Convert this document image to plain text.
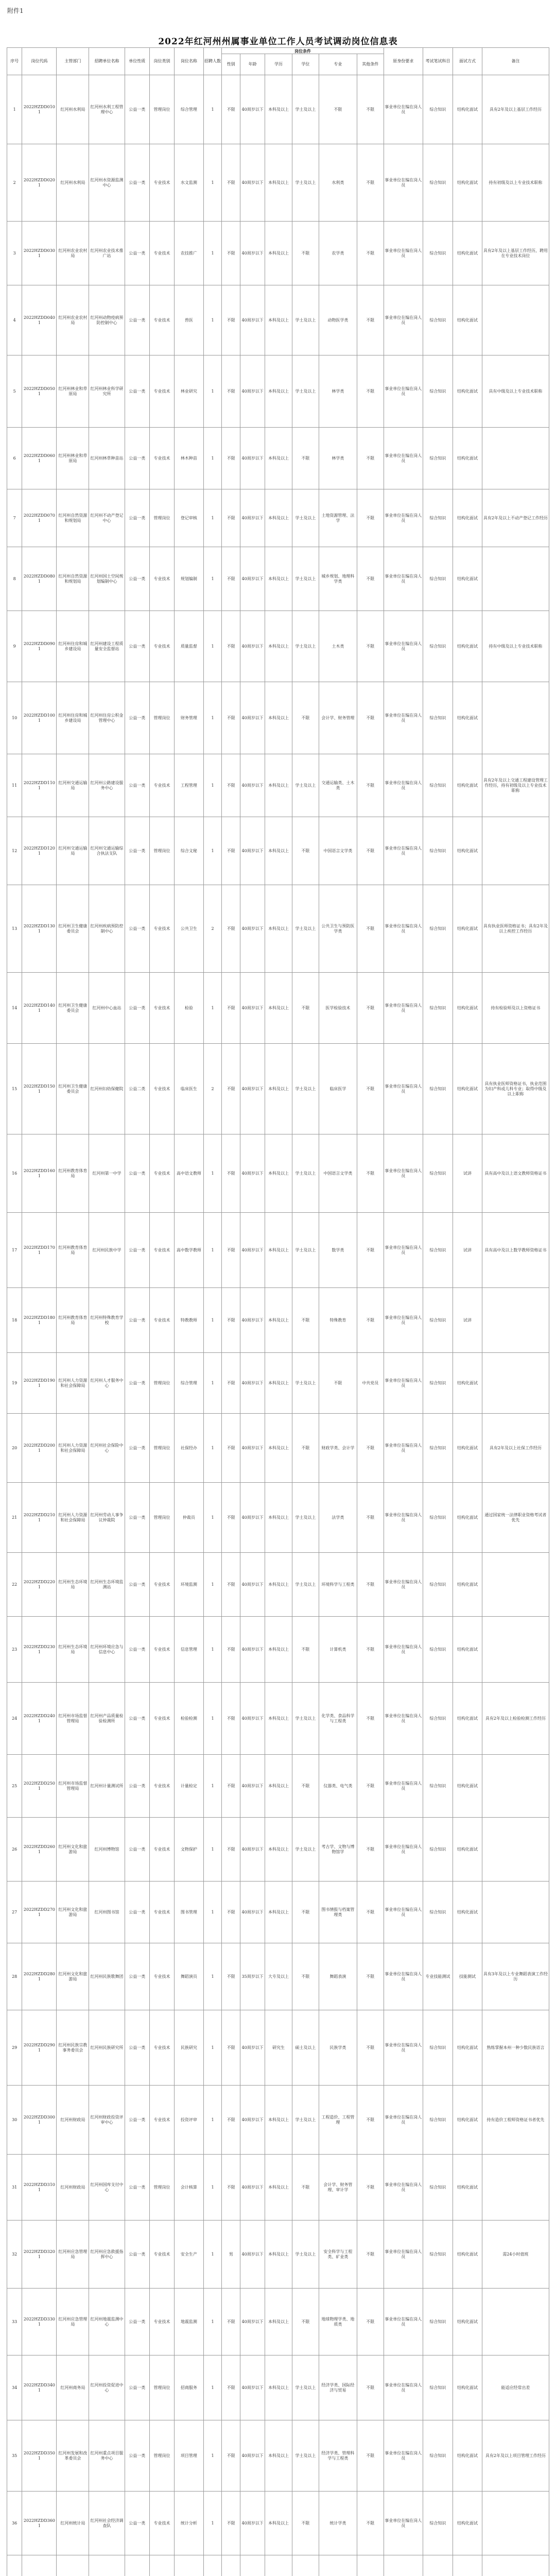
附件1
2022年红河州州属事业单位工作人员考试调动岗位信息表
序号	岗位代码	主管部门	招聘单位名称	单位性质	岗位类别	岗位名称	招聘人数	岗位条件						原身份要求	考试笔试科目	面试方式	备注
								性别	年龄	学历	学位	专业	其他条件				
1	2022HZDD0101	红河州水利局	红河州水利工程管理中心	公益一类	管理岗位	综合管理	1	不限	40周岁以下	本科及以上	学士及以上	不限	不限	事业单位在编在岗人员	综合知识	结构化面试	具有2年及以上基层工作经历
2	2022HZDD0201	红河州水利局	红河州水资源监测中心	公益一类	专业技术	水文监测	1	不限	40周岁以下	本科及以上	学士及以上	水利类	不限	事业单位在编在岗人员	综合知识	结构化面试	持有初级及以上专业技术职称
3	2022HZDD0301	红河州农业农村局	红河州农业技术推广站	公益一类	专业技术	农技推广	1	不限	40周岁以下	本科及以上	不限	农学类	不限	事业单位在编在岗人员	综合知识	结构化面试	具有2年及以上基层工作经历，聘用在专业技术岗位
4	2022HZDD0401	红河州农业农村局	红河州动物疫病预防控制中心	公益一类	专业技术	兽医	1	不限	40周岁以下	本科及以上	学士及以上	动物医学类	不限	事业单位在编在岗人员	综合知识	结构化面试	
5	2022HZDD0501	红河州林业和草原局	红河州林业科学研究所	公益一类	专业技术	林业研究	1	不限	40周岁以下	本科及以上	学士及以上	林学类	不限	事业单位在编在岗人员	综合知识	结构化面试	具有中级及以上专业技术职称
6	2022HZDD0601	红河州林业和草原局	红河州林草种苗站	公益一类	专业技术	林木种苗	1	不限	40周岁以下	本科及以上	不限	林学类	不限	事业单位在编在岗人员	综合知识	结构化面试	
7	2022HZDD0701	红河州自然资源和规划局	红河州不动产登记中心	公益一类	管理岗位	登记审核	1	不限	40周岁以下	本科及以上	学士及以上	土地资源管理、法学	不限	事业单位在编在岗人员	综合知识	结构化面试	具有2年及以上不动产登记工作经历
8	2022HZDD0801	红河州自然资源和规划局	红河州国土空间规划编制中心	公益一类	专业技术	规划编制	1	不限	40周岁以下	本科及以上	学士及以上	城乡规划、地理科学类	不限	事业单位在编在岗人员	综合知识	结构化面试	
9	2022HZDD0901	红河州住房和城乡建设局	红河州建设工程质量安全监督站	公益一类	专业技术	质量监督	1	不限	40周岁以下	本科及以上	学士及以上	土木类	不限	事业单位在编在岗人员	综合知识	结构化面试	持有中级及以上专业技术职称
10	2022HZDD1001	红河州住房和城乡建设局	红河州住房公积金管理中心	公益一类	管理岗位	财务管理	1	不限	40周岁以下	本科及以上	不限	会计学、财务管理	不限	事业单位在编在岗人员	综合知识	结构化面试	
11	2022HZDD1101	红河州交通运输局	红河州公路建设服务中心	公益一类	专业技术	工程管理	1	不限	40周岁以下	本科及以上	学士及以上	交通运输类、土木类	不限	事业单位在编在岗人员	综合知识	结构化面试	具有2年及以上交通工程建设管理工作经历，持有初级及以上专业技术职称
12	2022HZDD1201	红河州交通运输局	红河州交通运输综合执法支队	公益一类	管理岗位	综合文秘	1	不限	40周岁以下	本科及以上	不限	中国语言文学类	不限	事业单位在编在岗人员	综合知识	结构化面试	
13	2022HZDD1301	红河州卫生健康委员会	红河州疾病预防控制中心	公益一类	专业技术	公共卫生	2	不限	40周岁以下	本科及以上	学士及以上	公共卫生与预防医学类	不限	事业单位在编在岗人员	综合知识	结构化面试	具有执业医师资格证书；具有2年及以上疾控工作经历
14	2022HZDD1401	红河州卫生健康委员会	红河州中心血站	公益一类	专业技术	检验	1	不限	40周岁以下	本科及以上	不限	医学检验技术	不限	事业单位在编在岗人员	综合知识	结构化面试	持有检验师及以上资格证书
15	2022HZDD1501	红河州卫生健康委员会	红河州妇幼保健院	公益二类	专业技术	临床医生	2	不限	40周岁以下	本科及以上	学士及以上	临床医学	不限	事业单位在编在岗人员	综合知识	结构化面试	具有执业医师资格证书，执业范围为妇产科或儿科专业；取得中级及以上职称
16	2022HZDD1601	红河州教育体育局	红河州第一中学	公益一类	专业技术	高中语文教师	1	不限	40周岁以下	本科及以上	学士及以上	中国语言文学类	不限	事业单位在编在岗人员	综合知识	试讲	具有高中及以上语文教师资格证书
17	2022HZDD1701	红河州教育体育局	红河州民族中学	公益一类	专业技术	高中数学教师	1	不限	40周岁以下	本科及以上	学士及以上	数学类	不限	事业单位在编在岗人员	综合知识	试讲	具有高中及以上数学教师资格证书
18	2022HZDD1801	红河州教育体育局	红河州特殊教育学校	公益一类	专业技术	特教教师	1	不限	40周岁以下	本科及以上	不限	特殊教育	不限	事业单位在编在岗人员	综合知识	试讲	
19	2022HZDD1901	红河州人力资源和社会保障局	红河州人才服务中心	公益一类	管理岗位	综合管理	1	不限	40周岁以下	本科及以上	学士及以上	不限	中共党员	事业单位在编在岗人员	综合知识	结构化面试	
20	2022HZDD2001	红河州人力资源和社会保障局	红河州社会保险中心	公益一类	管理岗位	社保经办	1	不限	40周岁以下	本科及以上	不限	财政学类、会计学	不限	事业单位在编在岗人员	综合知识	结构化面试	具有2年及以上社保工作经历
21	2022HZDD2101	红河州人力资源和社会保障局	红河州劳动人事争议仲裁院	公益一类	管理岗位	仲裁员	1	不限	40周岁以下	本科及以上	学士及以上	法学类	不限	事业单位在编在岗人员	综合知识	结构化面试	通过国家统一法律职业资格考试者优先
22	2022HZDD2201	红河州生态环境局	红河州生态环境监测站	公益一类	专业技术	环境监测	1	不限	40周岁以下	本科及以上	学士及以上	环境科学与工程类	不限	事业单位在编在岗人员	综合知识	结构化面试	
23	2022HZDD2301	红河州生态环境局	红河州环境应急与信息中心	公益一类	专业技术	信息管理	1	不限	40周岁以下	本科及以上	不限	计算机类	不限	事业单位在编在岗人员	综合知识	结构化面试	
24	2022HZDD2401	红河州市场监督管理局	红河州产品质量检验检测所	公益一类	专业技术	检验检测	1	不限	40周岁以下	本科及以上	学士及以上	化学类、食品科学与工程类	不限	事业单位在编在岗人员	综合知识	结构化面试	具有2年及以上检验检测工作经历
25	2022HZDD2501	红河州市场监督管理局	红河州计量测试所	公益一类	专业技术	计量检定	1	不限	40周岁以下	本科及以上	不限	仪器类、电气类	不限	事业单位在编在岗人员	综合知识	结构化面试	
26	2022HZDD2601	红河州文化和旅游局	红河州博物馆	公益一类	专业技术	文物保护	1	不限	40周岁以下	本科及以上	学士及以上	考古学、文物与博物馆学	不限	事业单位在编在岗人员	综合知识	结构化面试	
27	2022HZDD2701	红河州文化和旅游局	红河州图书馆	公益一类	专业技术	图书管理	1	不限	40周岁以下	本科及以上	不限	图书情报与档案管理类	不限	事业单位在编在岗人员	综合知识	结构化面试	
28	2022HZDD2801	红河州文化和旅游局	红河州民族歌舞团	公益一类	专业技术	舞蹈演员	1	不限	35周岁以下	大专及以上	不限	舞蹈表演	不限	事业单位在编在岗人员	专业技能测试	技能测试	具有3年及以上专业舞蹈表演工作经历
29	2022HZDD2901	红河州民族宗教事务委员会	红河州民族研究所	公益一类	专业技术	民族研究	1	不限	40周岁以下	研究生	硕士及以上	民族学类	不限	事业单位在编在岗人员	综合知识	结构化面试	熟练掌握本州一种少数民族语言
30	2022HZDD3001	红河州财政局	红河州财政投资评审中心	公益一类	专业技术	投资评审	1	不限	40周岁以下	本科及以上	学士及以上	工程造价、工程管理	不限	事业单位在编在岗人员	综合知识	结构化面试	持有造价工程师资格证书者优先
31	2022HZDD3101	红河州财政局	红河州国库支付中心	公益一类	管理岗位	会计核算	1	不限	40周岁以下	本科及以上	不限	会计学、财务管理、审计学	不限	事业单位在编在岗人员	综合知识	结构化面试	
32	2022HZDD3201	红河州应急管理局	红河州应急救援指挥中心	公益一类	专业技术	安全生产	1	男	40周岁以下	本科及以上	学士及以上	安全科学与工程类、矿业类	不限	事业单位在编在岗人员	综合知识	结构化面试	需24小时值班
33	2022HZDD3301	红河州应急管理局	红河州地震监测中心	公益一类	专业技术	地震监测	1	不限	40周岁以下	本科及以上	不限	地球物理学类、地质类	不限	事业单位在编在岗人员	综合知识	结构化面试	
34	2022HZDD3401	红河州商务局	红河州投资促进中心	公益一类	管理岗位	招商服务	1	不限	40周岁以下	本科及以上	学士及以上	经济学类、国际经济与贸易	不限	事业单位在编在岗人员	综合知识	结构化面试	能适应经常出差
35	2022HZDD3501	红河州发展和改革委员会	红河州重点项目服务中心	公益一类	管理岗位	项目管理	1	不限	40周岁以下	本科及以上	学士及以上	经济学类、管理科学与工程类	不限	事业单位在编在岗人员	综合知识	结构化面试	具有2年及以上项目管理工作经历
36	2022HZDD3601	红河州统计局	红河州社会经济调查队	公益一类	专业技术	统计分析	1	不限	40周岁以下	本科及以上	不限	统计学类	不限	事业单位在编在岗人员	综合知识	结构化面试	
